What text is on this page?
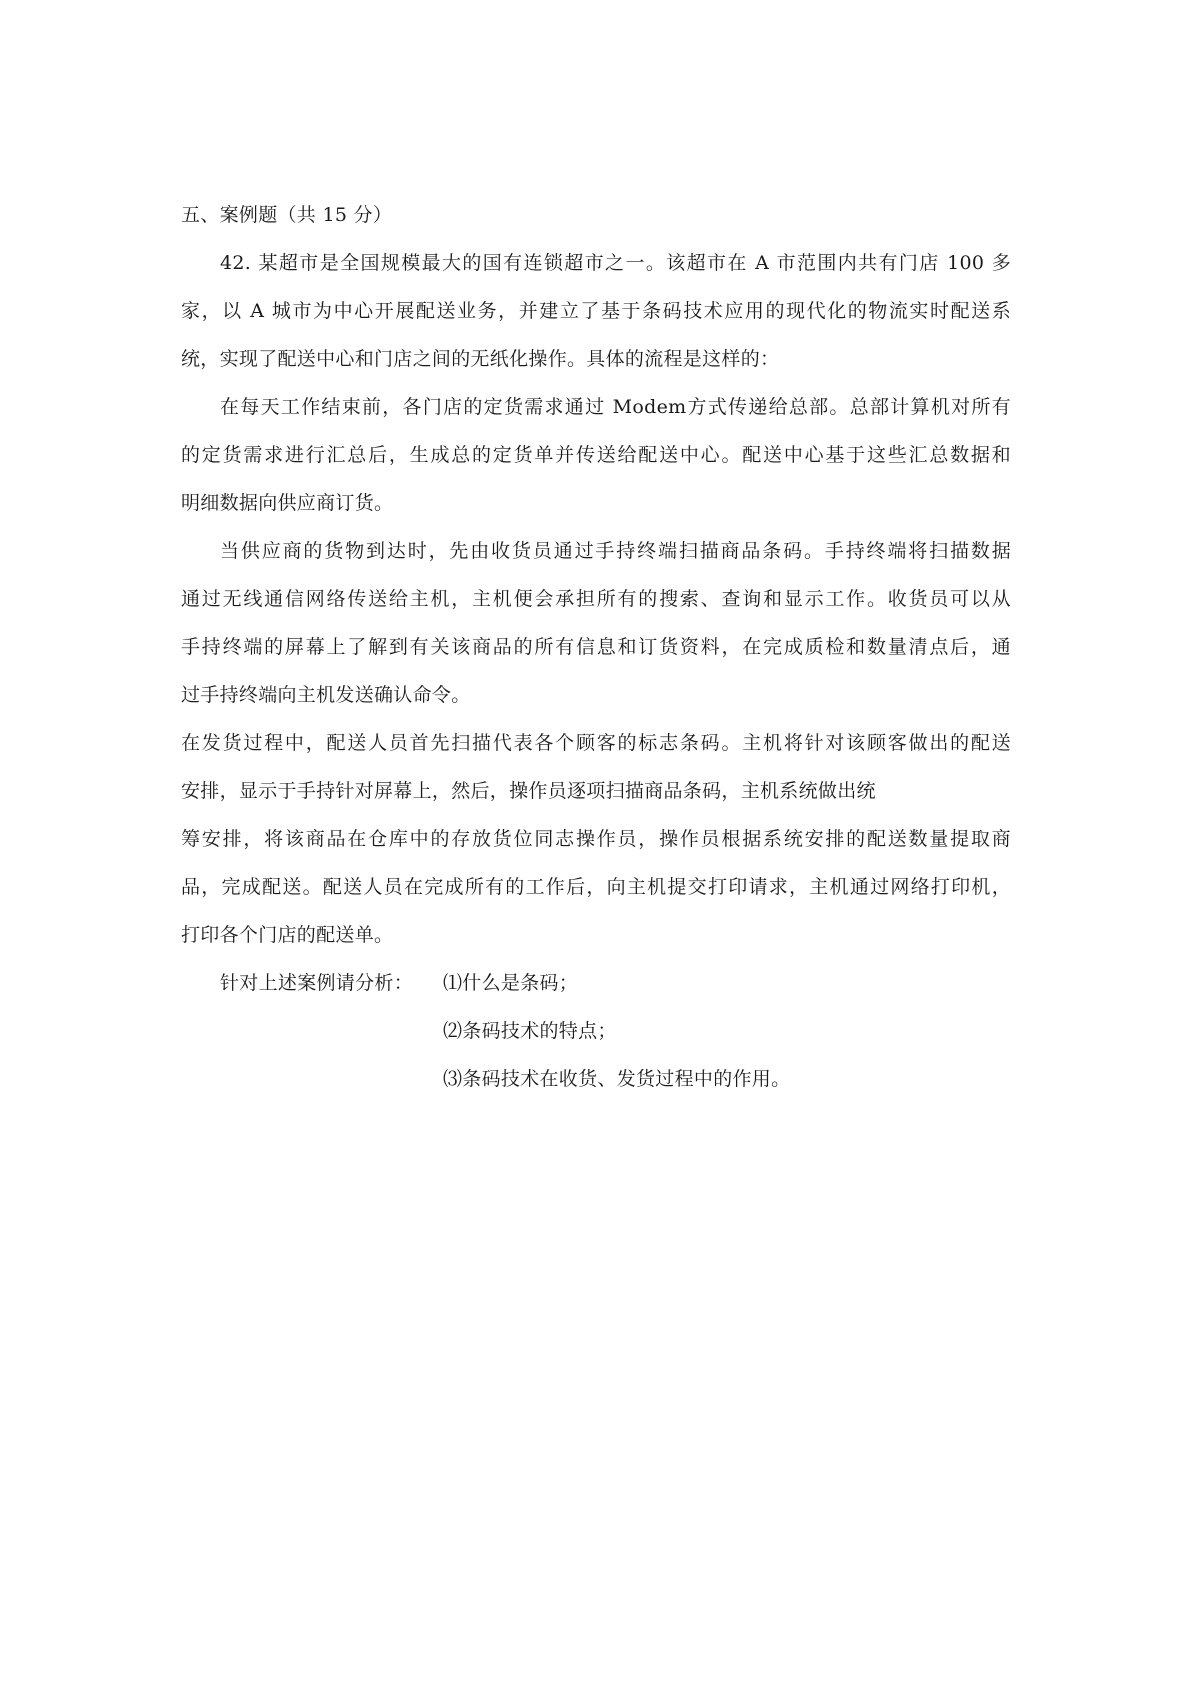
五、案例题（共 15 分）
42. 某超市是全国规模最大的国有连锁超市之一。该超市在 A 市范围内共有门店 100 多
家，以 A 城市为中心开展配送业务，并建立了基于条码技术应用的现代化的物流实时配送系
统，实现了配送中心和门店之间的无纸化操作。具体的流程是这样的：
在每天工作结束前，各门店的定货需求通过 Modem方式传递给总部。总部计算机对所有
的定货需求进行汇总后，生成总的定货单并传送给配送中心。配送中心基于这些汇总数据和
明细数据向供应商订货。
当供应商的货物到达时，先由收货员通过手持终端扫描商品条码。手持终端将扫描数据
通过无线通信网络传送给主机，主机便会承担所有的搜索、查询和显示工作。收货员可以从
手持终端的屏幕上了解到有关该商品的所有信息和订货资料，在完成质检和数量清点后，通
过手持终端向主机发送确认命令。
在发货过程中，配送人员首先扫描代表各个顾客的标志条码。主机将针对该顾客做出的配送
安排，显示于手持针对屏幕上，然后，操作员逐项扫描商品条码，主机系统做出统
筹安排，将该商品在仓库中的存放货位同志操作员，操作员根据系统安排的配送数量提取商
品，完成配送。配送人员在完成所有的工作后，向主机提交打印请求，主机通过网络打印机，
打印各个门店的配送单。
针对上述案例请分析： ⑴什么是条码；
⑵条码技术的特点；
⑶条码技术在收货、发货过程中的作用。
